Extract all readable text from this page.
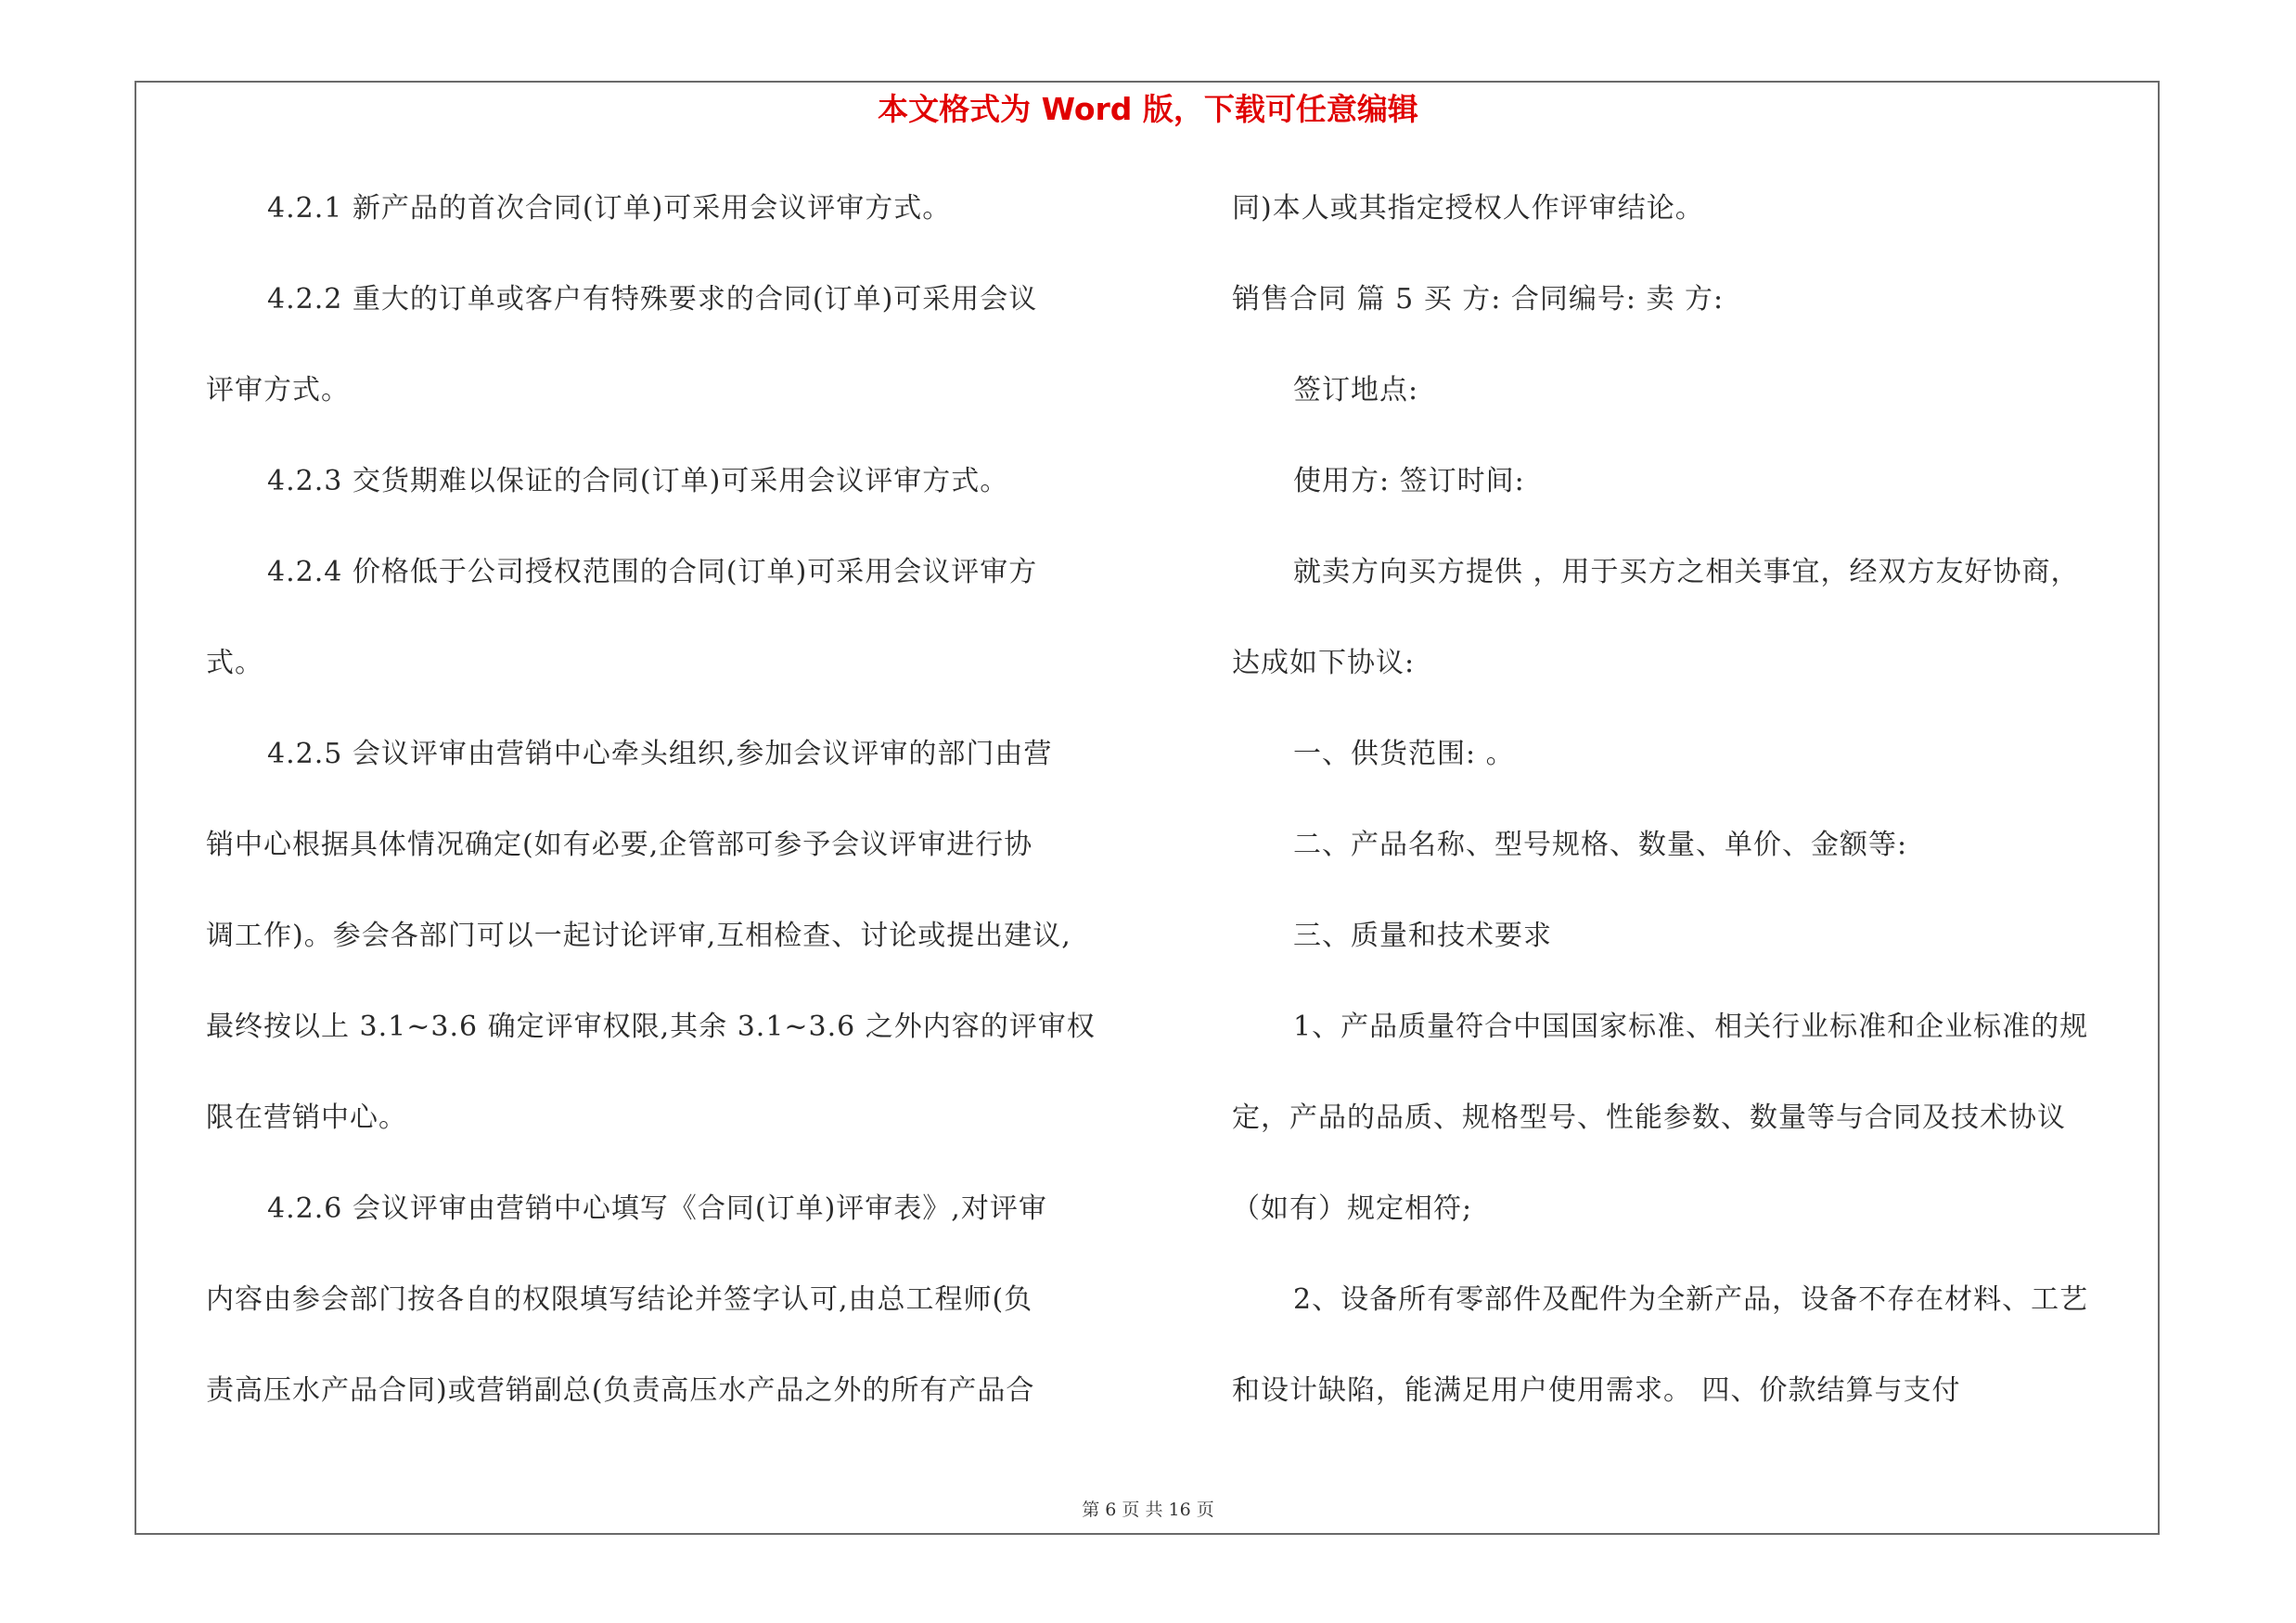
本文格式为 Word 版，下载可任意编辑
4.2.1 新产品的首次合同(订单)可采用会议评审方式。
4.2.2 重大的订单或客户有特殊要求的合同(订单)可采用会议
评审方式。
4.2.3 交货期难以保证的合同(订单)可采用会议评审方式。
4.2.4 价格低于公司授权范围的合同(订单)可采用会议评审方
式。
4.2.5 会议评审由营销中心牵头组织,参加会议评审的部门由营
销中心根据具体情况确定(如有必要,企管部可参予会议评审进行协
调工作)。参会各部门可以一起讨论评审,互相检查、讨论或提出建议,
最终按以上 3.1~3.6 确定评审权限,其余 3.1~3.6 之外内容的评审权
限在营销中心。
4.2.6 会议评审由营销中心填写《合同(订单)评审表》,对评审
内容由参会部门按各自的权限填写结论并签字认可,由总工程师(负
责高压水产品合同)或营销副总(负责高压水产品之外的所有产品合
同)本人或其指定授权人作评审结论。
销售合同 篇 5 买 方: 合同编号: 卖 方:
签订地点:
使用方: 签订时间:
就卖方向买方提供 ，用于买方之相关事宜，经双方友好协商，
达成如下协议:
一、供货范围: 。
二、产品名称、型号规格、数量、单价、金额等:
三、质量和技术要求
1、产品质量符合中国国家标准、相关行业标准和企业标准的规
定，产品的品质、规格型号、性能参数、数量等与合同及技术协议
（如有）规定相符;
2、设备所有零部件及配件为全新产品，设备不存在材料、工艺
和设计缺陷，能满足用户使用需求。 四、价款结算与支付
第 6 页 共 16 页
